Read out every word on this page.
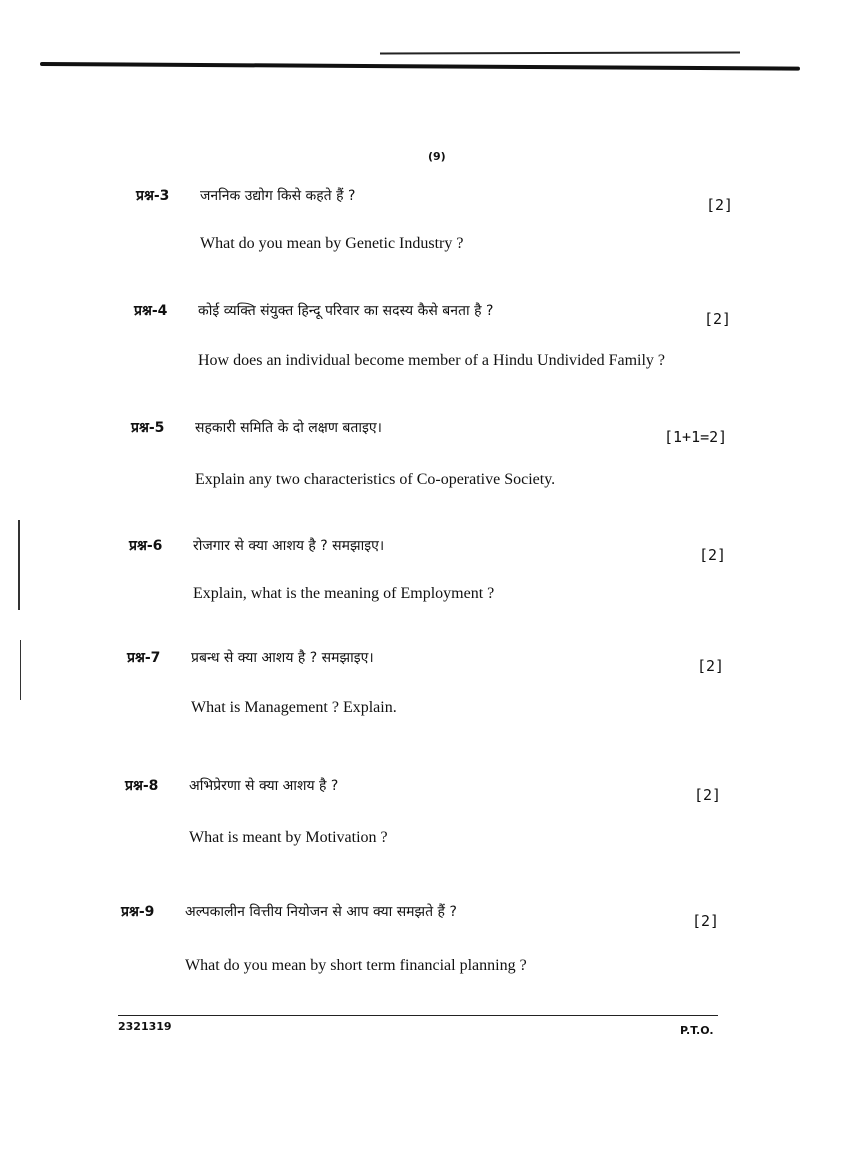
(9)
प्रश्न-3	जननिक उद्योग किसे कहते हैं ?
What do you mean by Genetic Industry ?
[2]
प्रश्न-4	कोई व्यक्ति संयुक्त हिन्दू परिवार का सदस्य कैसे बनता है ?
How does an individual become member of a Hindu Undivided Family ?
[2]
प्रश्न-5	सहकारी समिति के दो लक्षण बताइए।
Explain any two characteristics of Co-operative Society.
[1+1=2]
प्रश्न-6	रोजगार से क्या आशय है ? समझाइए।
Explain, what is the meaning of Employment ?
[2]
प्रश्न-7	प्रबन्ध से क्या आशय है ? समझाइए।
What is Management ? Explain.
[2]
प्रश्न-8	अभिप्रेरणा से क्या आशय है ?
What is meant by Motivation ?
[2]
प्रश्न-9	अल्पकालीन वित्तीय नियोजन से आप क्या समझते हैं ?
What do you mean by short term financial planning ?
[2]
2321319	P.T.O.
